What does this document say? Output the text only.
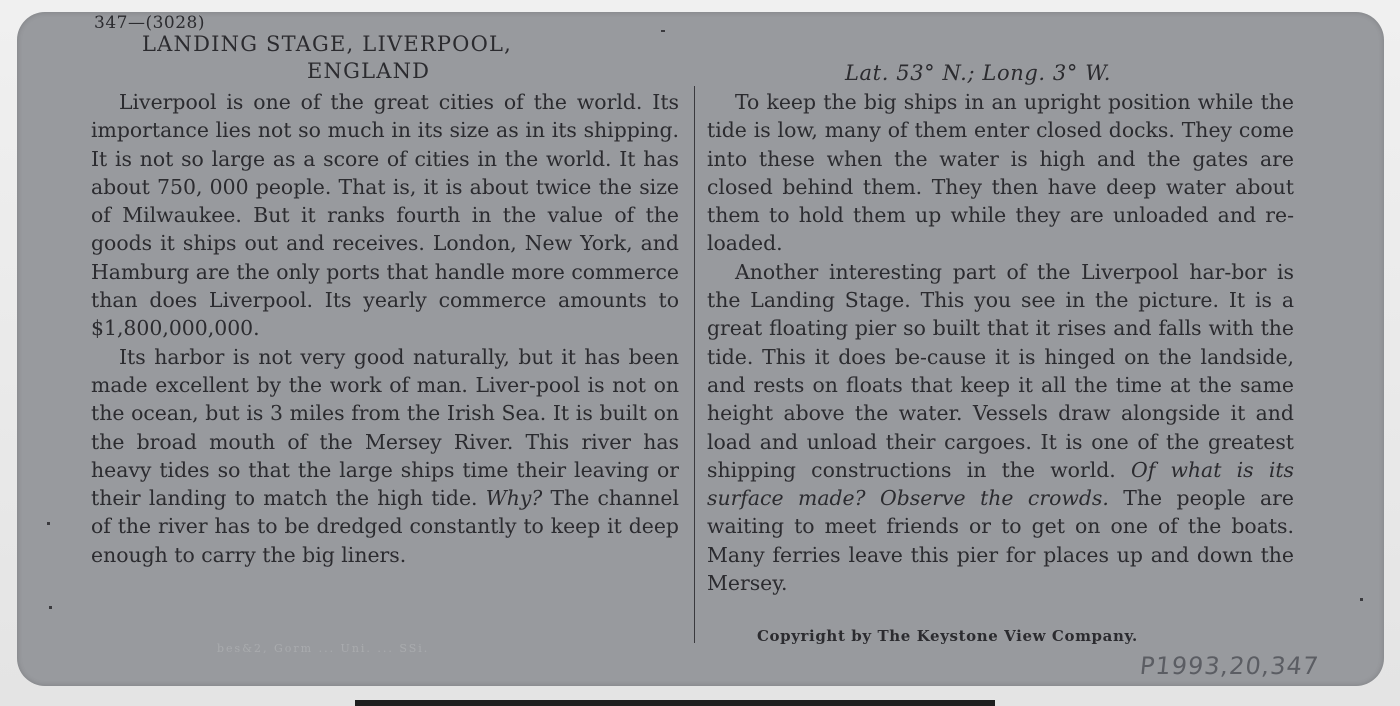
347—(3028)
LANDING STAGE, LIVERPOOL,
ENGLAND	Lat. 53° N.; Long. 3° W.

Liverpool is one of the great cities of the world. Its importance lies not so much in its size as in its shipping. It is not so large as a score of cities in the world. It has about 750, 000 people. That is, it is about twice the size of Milwaukee. But it ranks fourth in the value of the goods it ships out and receives. London, New York, and Hamburg are the only ports that handle more commerce than does Liverpool. Its yearly commerce amounts to $1,800,000,000.

Its harbor is not very good naturally, but it has been made excellent by the work of man. Liver-pool is not on the ocean, but is 3 miles from the Irish Sea. It is built on the broad mouth of the Mersey River. This river has heavy tides so that the large ships time their leaving or their landing to match the high tide. Why? The channel of the river has to be dredged constantly to keep it deep enough to carry the big liners.

To keep the big ships in an upright position while the tide is low, many of them enter closed docks. They come into these when the water is high and the gates are closed behind them. They then have deep water about them to hold them up while they are unloaded and re-loaded.

Another interesting part of the Liverpool har-bor is the Landing Stage. This you see in the picture. It is a great floating pier so built that it rises and falls with the tide. This it does be-cause it is hinged on the landside, and rests on floats that keep it all the time at the same height above the water. Vessels draw alongside it and load and unload their cargoes. It is one of the greatest shipping constructions in the world. Of what is its surface made? Observe the crowds. The people are waiting to meet friends or to get on one of the boats. Many ferries leave this pier for places up and down the Mersey.

Copyright by The Keystone View Company.
bes&2‚ Gorm ... Uni. ... SSi.
P1993,20,347
